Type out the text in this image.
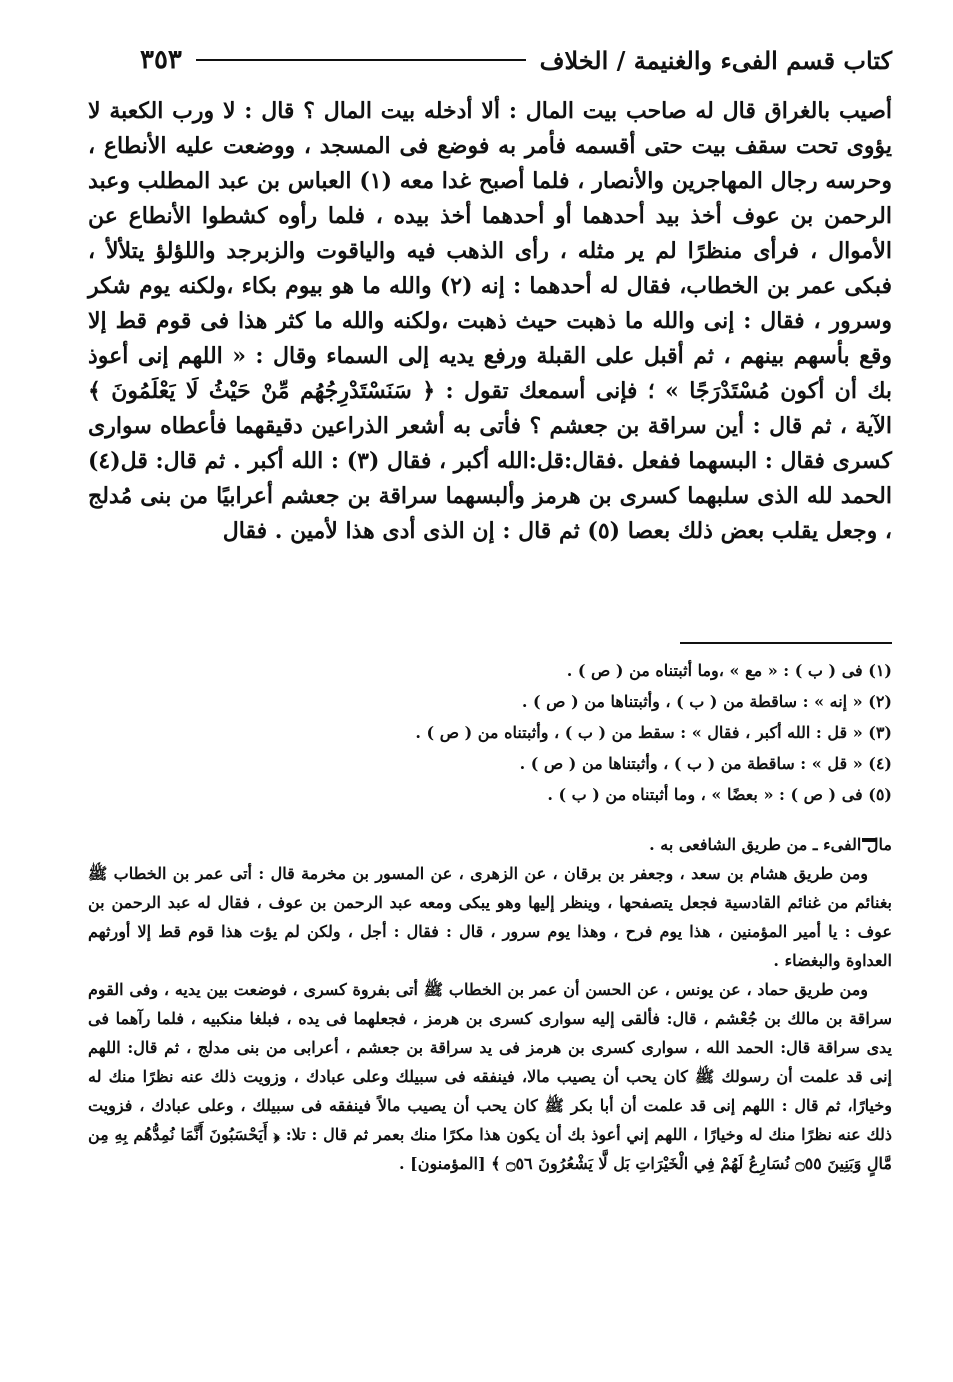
كتاب قسم الفىء والغنيمة / الخلاف
٣٥٣

أصيب بالغراق قال له صاحب بيت المال : ألا أدخله بيت المال ؟ قال : لا ورب الكعبة لا يؤوى تحت سقف بيت حتى أقسمه فأمر به فوضع فى المسجد ، ووضعت عليه الأنطاع ، وحرسه رجال المهاجرين والأنصار ، فلما أصبح غدا معه (١) العباس بن عبد المطلب وعبد الرحمن بن عوف أخذ بيد أحدهما أو أحدهما أخذ بيده ، فلما رأوه كشطوا الأنطاع عن الأموال ، فرأى منظرًا لم ير مثله ، رأى الذهب فيه والياقوت والزبرجد واللؤلؤ يتلألأ ، فبكى عمر بن الخطاب، فقال له أحدهما : إنه (٢) والله ما هو بيوم بكاء ،ولكنه يوم شكر وسرور ، فقال : إنى والله ما ذهبت حيث ذهبت ،ولكنه والله ما كثر هذا فى قوم قط إلا وقع بأسهم بينهم ، ثم أقبل على القبلة ورفع يديه إلى السماء وقال : « اللهم إنى أعوذ بك أن أكون مُسْتَدْرَجًا » ؛ فإنى أسمعك تقول : ﴿ سَنَسْتَدْرِجُهُم مِّنْ حَيْثُ لَا يَعْلَمُونَ ﴾ الآية ، ثم قال : أين سراقة بن جعشم ؟ فأتى به أشعر الذراعين دقيقهما فأعطاه سوارى كسرى فقال : البسهما ففعل .فقال:قل:الله أكبر ، فقال (٣) : الله أكبر . ثم قال: قل(٤) الحمد لله الذى سلبهما كسرى بن هرمز وألبسهما سراقة بن جعشم أعرابيًا من بنى مُدلج ، وجعل يقلب بعض ذلك بعصا (٥) ثم قال : إن الذى أدى هذا لأمين . فقال

(١) فى ( ب ) : « مع » ،وما أثبتناه من ( ص ) .
(٢) « إنه » : ساقطة من ( ب ) ، وأثبتناها من ( ص ) .
(٣) « قل : الله أكبر ، فقال » : سقط من ( ب ) ، وأثبتناه من ( ص ) .
(٤) « قل » : ساقطة من ( ب ) ، وأثبتناها من ( ص ) .
(٥) فى ( ص ) : « بعضًا » ، وما أثبتناه من ( ب ) .

مال الفىء ـ من طريق الشافعى به .

ومن طريق هشام بن سعد ، وجعفر بن برقان ، عن الزهرى ، عن المسور بن مخرمة قال : أتى عمر بن الخطاب ﷺ بغنائم من غنائم القادسية فجعل يتصفحها ، وينظر إليها وهو يبكى ومعه عبد الرحمن بن عوف ، فقال له عبد الرحمن بن عوف : يا أمير المؤمنين ، هذا يوم فرح ، وهذا يوم سرور ، قال : فقال : أجل ، ولكن لم يؤت هذا قوم قط إلا أورثهم العداوة والبغضاء .

ومن طريق حماد ، عن يونس ، عن الحسن أن عمر بن الخطاب ﷺ أتى بفروة كسرى ، فوضعت بين يديه ، وفى القوم سراقة بن مالك بن جُعْشم ، قال: فألقى إليه سوارى كسرى بن هرمز ، فجعلهما فى يده ، فبلغا منكبيه ، فلما رآهما فى يدى سراقة قال: الحمد الله ، سوارى كسرى بن هرمز فى يد سراقة بن جعشم ، أعرابى من بنى مدلج ، ثم قال: اللهم إنى قد علمت أن رسولك ﷺ كان يحب أن يصيب مالا، فينفقه فى سبيلك وعلى عبادك ، وزويت ذلك عنه نظرًا منك له وخيارًا، ثم قال : اللهم إنى قد علمت أن أبا بكر ﷺ كان يحب أن يصيب مالاً فينفقه فى سبيلك ، وعلى عبادك ، فزويت ذلك عنه نظرًا منك له وخيارًا ، اللهم إني أعوذ بك أن يكون هذا مكرًا منك بعمر ثم قال : تلا: ﴿ أَيَحْسَبُونَ أَنَّمَا نُمِدُّهُم بِهِ مِن مَّالٍ وَبَنِينَ ۝٥٥ نُسَارِعُ لَهُمْ فِي الْخَيْرَاتِ بَل لَّا يَشْعُرُونَ ۝٥٦ ﴾ [المؤمنون] .
